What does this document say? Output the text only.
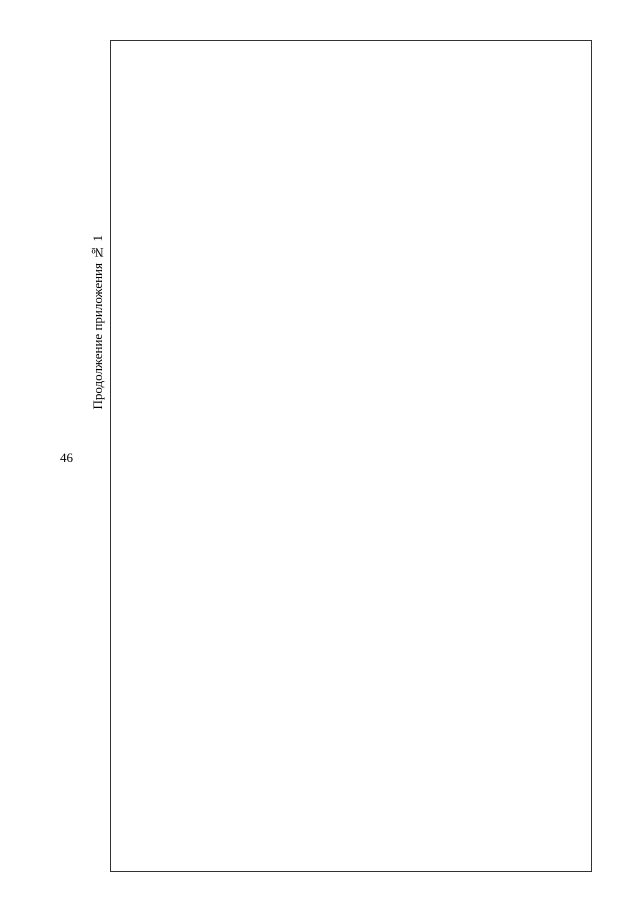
46
Продолжение приложения № 1
